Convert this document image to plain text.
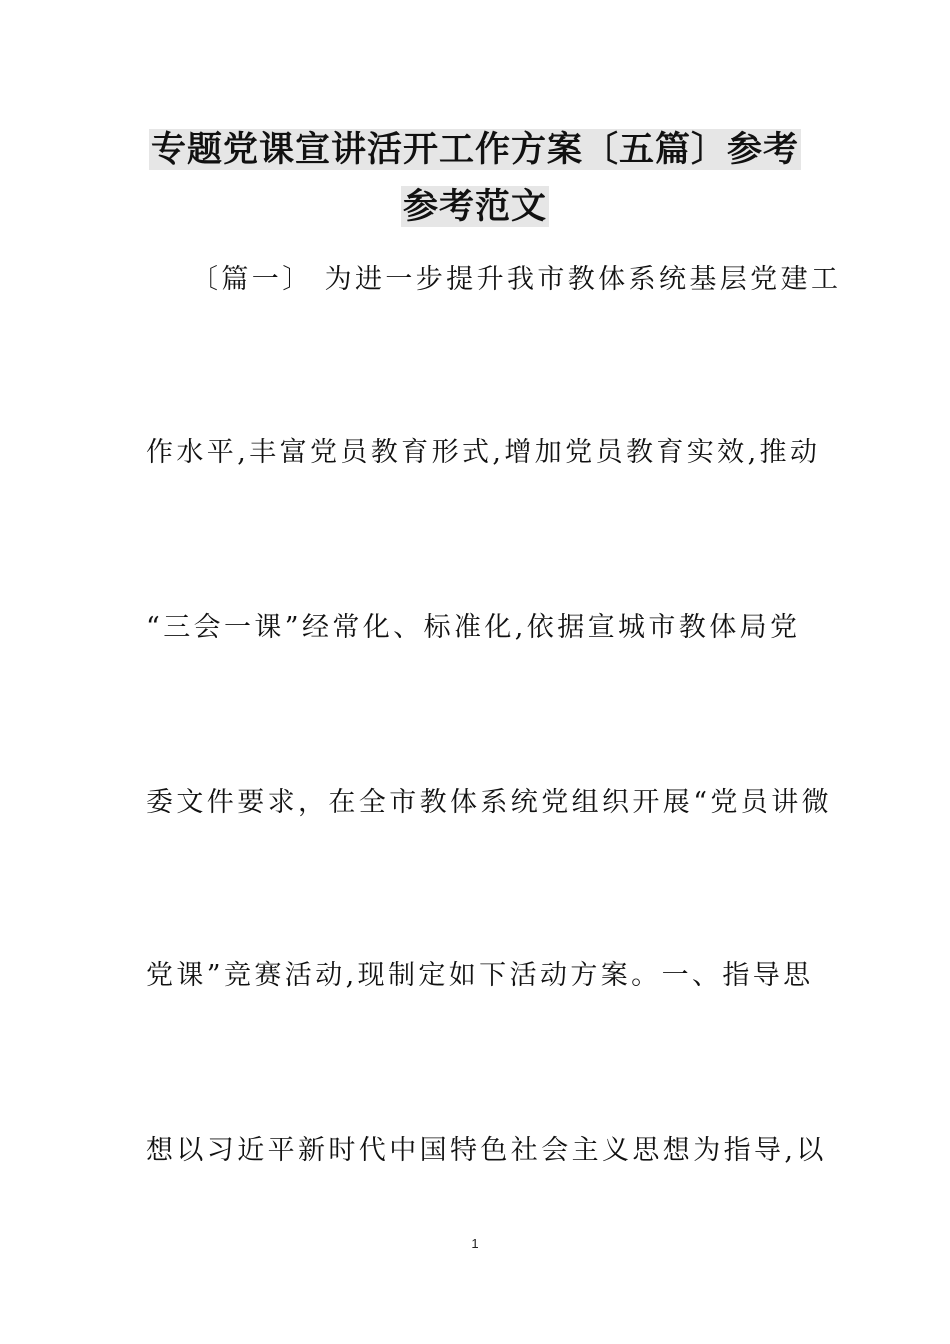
专题党课宣讲活开工作方案〔五篇〕参考
参考范文
〔篇一〕 为进一步提升我市教体系统基层党建工
作水平,丰富党员教育形式,增加党员教育实效,推动
“三会一课”经常化、标准化,依据宣城市教体局党
委文件要求，在全市教体系统党组织开展“党员讲微
党课”竞赛活动,现制定如下活动方案。一、指导思
想以习近平新时代中国特色社会主义思想为指导,以
1
